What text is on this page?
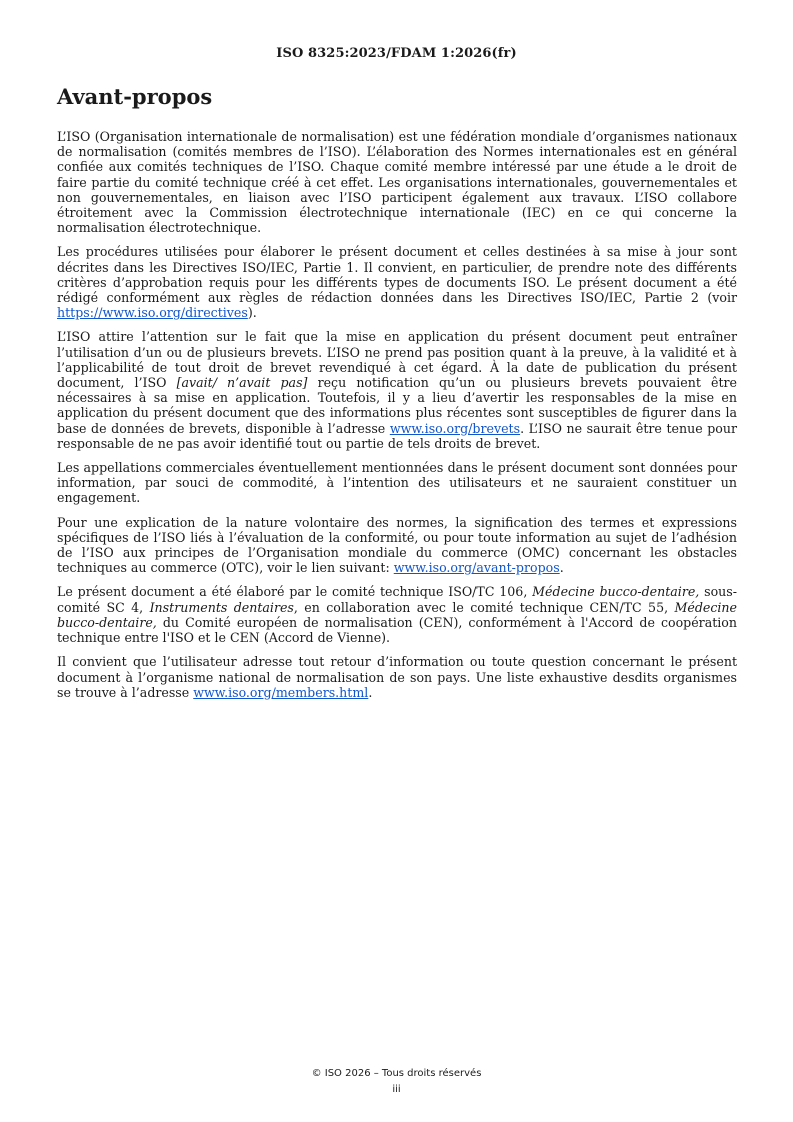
ISO 8325:2023/FDAM 1:2026(fr)
Avant-propos

L’ISO (Organisation internationale de normalisation) est une fédération mondiale d’organismes nationaux de normalisation (comités membres de l’ISO). L’élaboration des Normes internationales est en général confiée aux comités techniques de l’ISO. Chaque comité membre intéressé par une étude a le droit de faire partie du comité technique créé à cet effet. Les organisations internationales, gouvernementales et non gouvernementales, en liaison avec l’ISO participent également aux travaux. L’ISO collabore étroitement avec la Commission électrotechnique internationale (IEC) en ce qui concerne la normalisation électrotechnique.

Les procédures utilisées pour élaborer le présent document et celles destinées à sa mise à jour sont décrites dans les Directives ISO/IEC, Partie 1. Il convient, en particulier, de prendre note des différents critères d’approbation requis pour les différents types de documents ISO. Le présent document a été rédigé conformément aux règles de rédaction données dans les Directives ISO/IEC, Partie 2 (voir https://www.iso.org/directives).

L’ISO attire l’attention sur le fait que la mise en application du présent document peut entraîner l’utilisation d’un ou de plusieurs brevets. L’ISO ne prend pas position quant à la preuve, à la validité et à l’applicabilité de tout droit de brevet revendiqué à cet égard. À la date de publication du présent document, l’ISO [avait/ n’avait pas] reçu notification qu’un ou plusieurs brevets pouvaient être nécessaires à sa mise en application. Toutefois, il y a lieu d’avertir les responsables de la mise en application du présent document que des informations plus récentes sont susceptibles de figurer dans la base de données de brevets, disponible à l’adresse www.iso.org/brevets. L’ISO ne saurait être tenue pour responsable de ne pas avoir identifié tout ou partie de tels droits de brevet.

Les appellations commerciales éventuellement mentionnées dans le présent document sont données pour information, par souci de commodité, à l’intention des utilisateurs et ne sauraient constituer un engagement.

Pour une explication de la nature volontaire des normes, la signification des termes et expressions spécifiques de l’ISO liés à l’évaluation de la conformité, ou pour toute information au sujet de l’adhésion de l’ISO aux principes de l’Organisation mondiale du commerce (OMC) concernant les obstacles techniques au commerce (OTC), voir le lien suivant: www.iso.org/avant-propos.

Le présent document a été élaboré par le comité technique ISO/TC 106, Médecine bucco-dentaire, sous-comité SC 4, Instruments dentaires, en collaboration avec le comité technique CEN/TC 55, Médecine bucco-dentaire, du Comité européen de normalisation (CEN), conformément à l'Accord de coopération technique entre l'ISO et le CEN (Accord de Vienne).

Il convient que l’utilisateur adresse tout retour d’information ou toute question concernant le présent document à l’organisme national de normalisation de son pays. Une liste exhaustive desdits organismes se trouve à l’adresse www.iso.org/members.html.

© ISO 2026 – Tous droits réservés
iii
